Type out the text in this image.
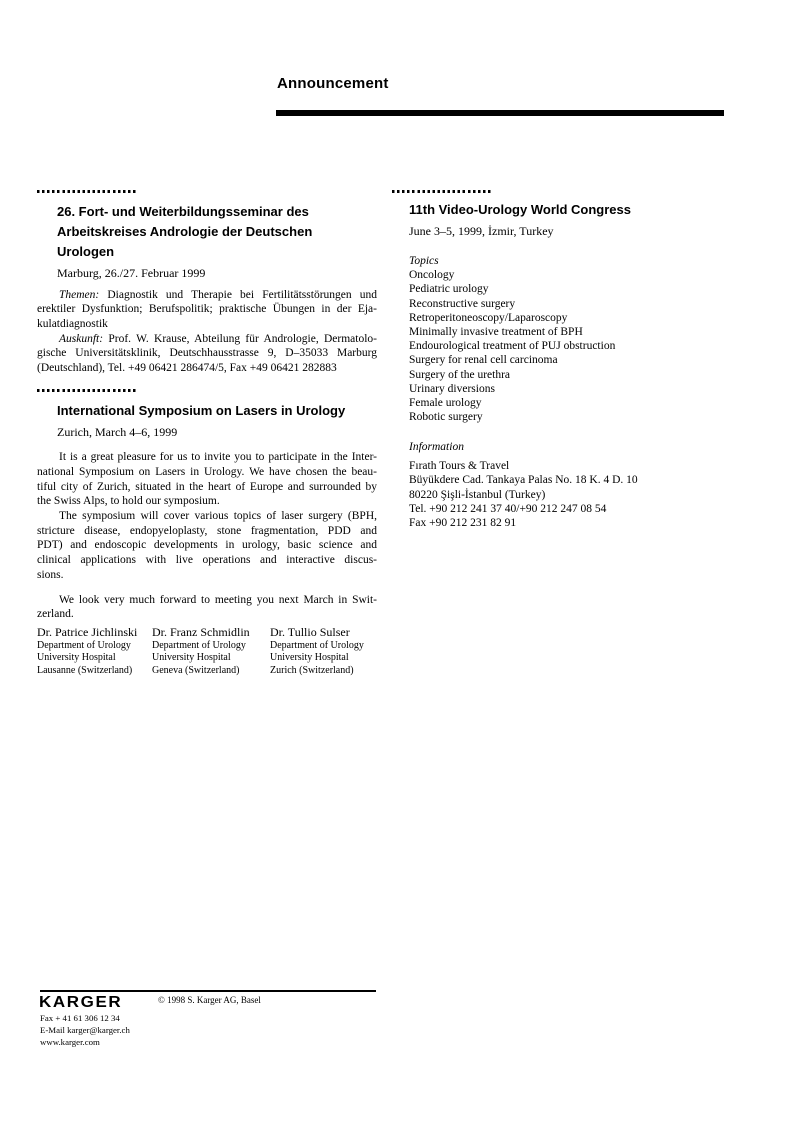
Announcement
26. Fort- und Weiterbildungsseminar des
Arbeitskreises Andrologie der Deutschen
Urologen
Marburg, 26./27. Februar 1999
Themen: Diagnostik und Therapie bei Fertilitätsstörungen und
erektiler Dysfunktion; Berufspolitik; praktische Übungen in der Eja-
kulatdiagnostik
Auskunft: Prof. W. Krause, Abteilung für Andrologie, Dermatolo-
gische Universitätsklinik, Deutschhausstrasse 9, D–35033 Marburg
(Deutschland), Tel. +49 06421 286474/5, Fax +49 06421 282883
International Symposium on Lasers in Urology
Zurich, March 4–6, 1999
It is a great pleasure for us to invite you to participate in the Inter-
national Symposium on Lasers in Urology. We have chosen the beau-
tiful city of Zurich, situated in the heart of Europe and surrounded by
the Swiss Alps, to hold our symposium.
The symposium will cover various topics of laser surgery (BPH,
stricture disease, endopyeloplasty, stone fragmentation, PDD and
PDT) and endoscopic developments in urology, basic science and
clinical applications with live operations and interactive discus-
sions.
We look very much forward to meeting you next March in Swit-
zerland.
Dr. Patrice Jichlinski
Department of Urology
University Hospital
Lausanne (Switzerland)
Dr. Franz Schmidlin
Department of Urology
University Hospital
Geneva (Switzerland)
Dr. Tullio Sulser
Department of Urology
University Hospital
Zurich (Switzerland)
11th Video-Urology World Congress
June 3–5, 1999, İzmir, Turkey
Topics
Oncology
Pediatric urology
Reconstructive surgery
Retroperitoneoscopy/Laparoscopy
Minimally invasive treatment of BPH
Endourological treatment of PUJ obstruction
Surgery for renal cell carcinoma
Surgery of the urethra
Urinary diversions
Female urology
Robotic surgery
Information
Fırath Tours & Travel
Büyükdere Cad. Tankaya Palas No. 18 K. 4 D. 10
80220 Şişli-İstanbul (Turkey)
Tel. +90 212 241 37 40/+90 212 247 08 54
Fax +90 212 231 82 91
KARGER	© 1998 S. Karger AG, Basel
Fax + 41 61 306 12 34
E-Mail karger@karger.ch
www.karger.com
